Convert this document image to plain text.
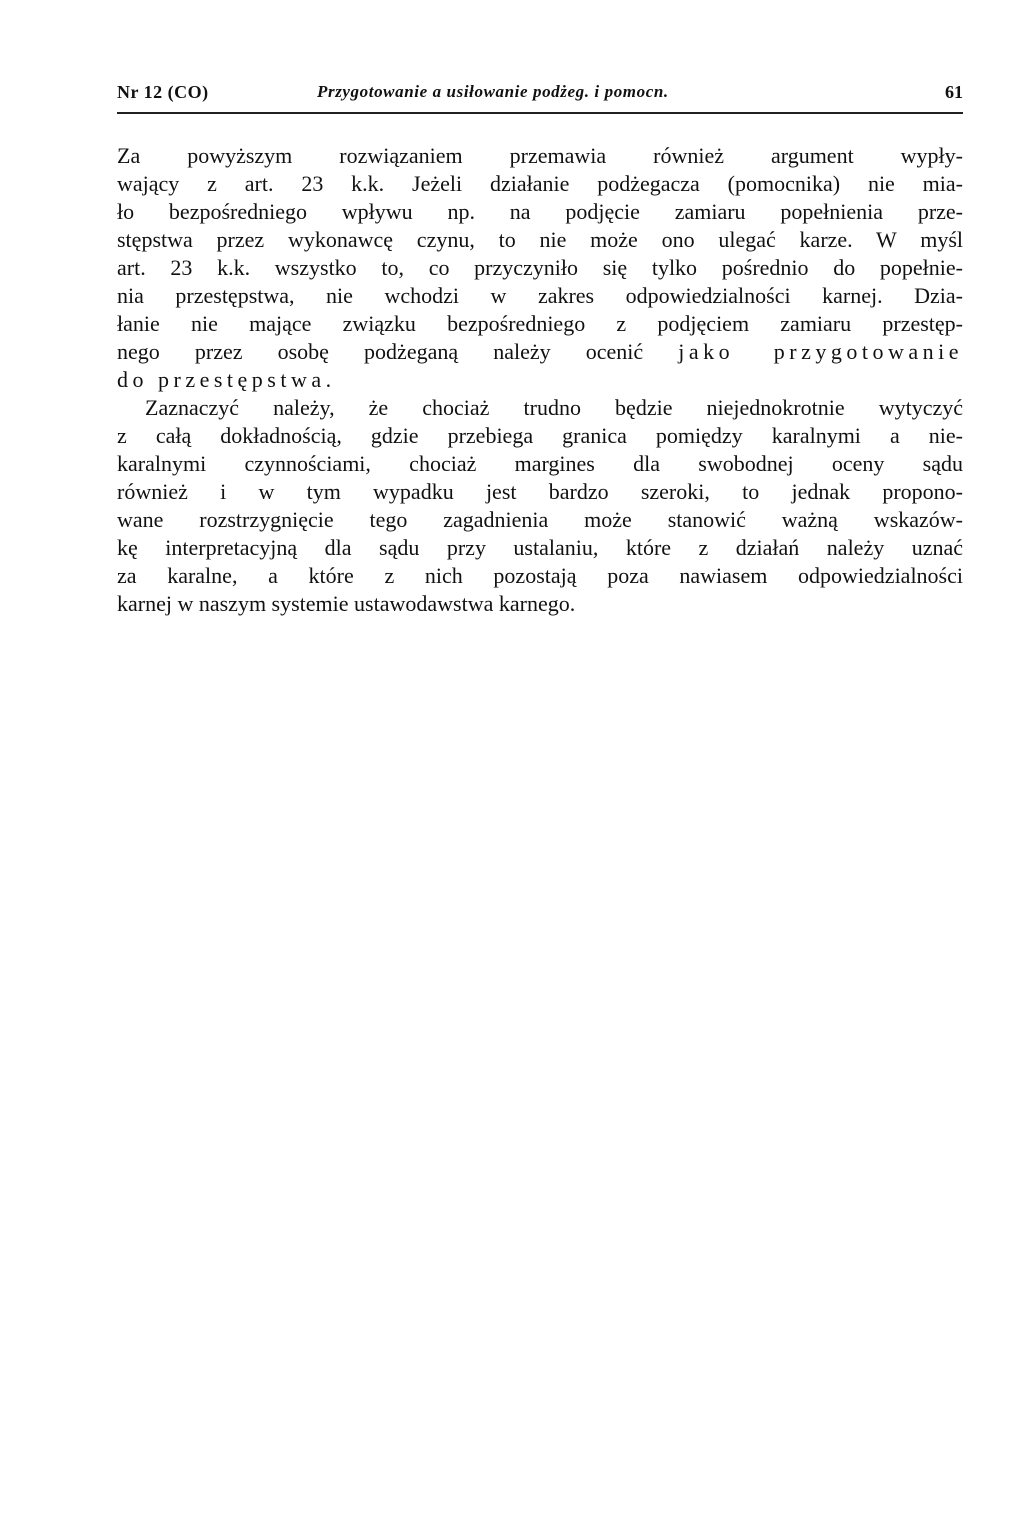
Nr 12 (CO)	Przygotowanie a usiłowanie podżeg. i pomocn.	61
Za powyższym rozwiązaniem przemawia również argument wypły-
wający z art. 23 k.k. Jeżeli działanie podżegacza (pomocnika) nie mia-
ło bezpośredniego wpływu np. na podjęcie zamiaru popełnienia prze-
stępstwa przez wykonawcę czynu, to nie może ono ulegać karze. W myśl
art. 23 k.k. wszystko to, co przyczyniło się tylko pośrednio do popełnie-
nia przestępstwa, nie wchodzi w zakres odpowiedzialności karnej. Dzia-
łanie nie mające związku bezpośredniego z podjęciem zamiaru przestęp-
nego przez osobę podżeganą należy ocenić jako przygotowanie
do przestępstwa.
Zaznaczyć należy, że chociaż trudno będzie niejednokrotnie wytyczyć
z całą dokładnością, gdzie przebiega granica pomiędzy karalnymi a nie-
karalnymi czynnościami, chociaż margines dla swobodnej oceny sądu
również i w tym wypadku jest bardzo szeroki, to jednak propono-
wane rozstrzygnięcie tego zagadnienia może stanowić ważną wskazów-
kę interpretacyjną dla sądu przy ustalaniu, które z działań należy uznać
za karalne, a które z nich pozostają poza nawiasem odpowiedzialności
karnej w naszym systemie ustawodawstwa karnego.
